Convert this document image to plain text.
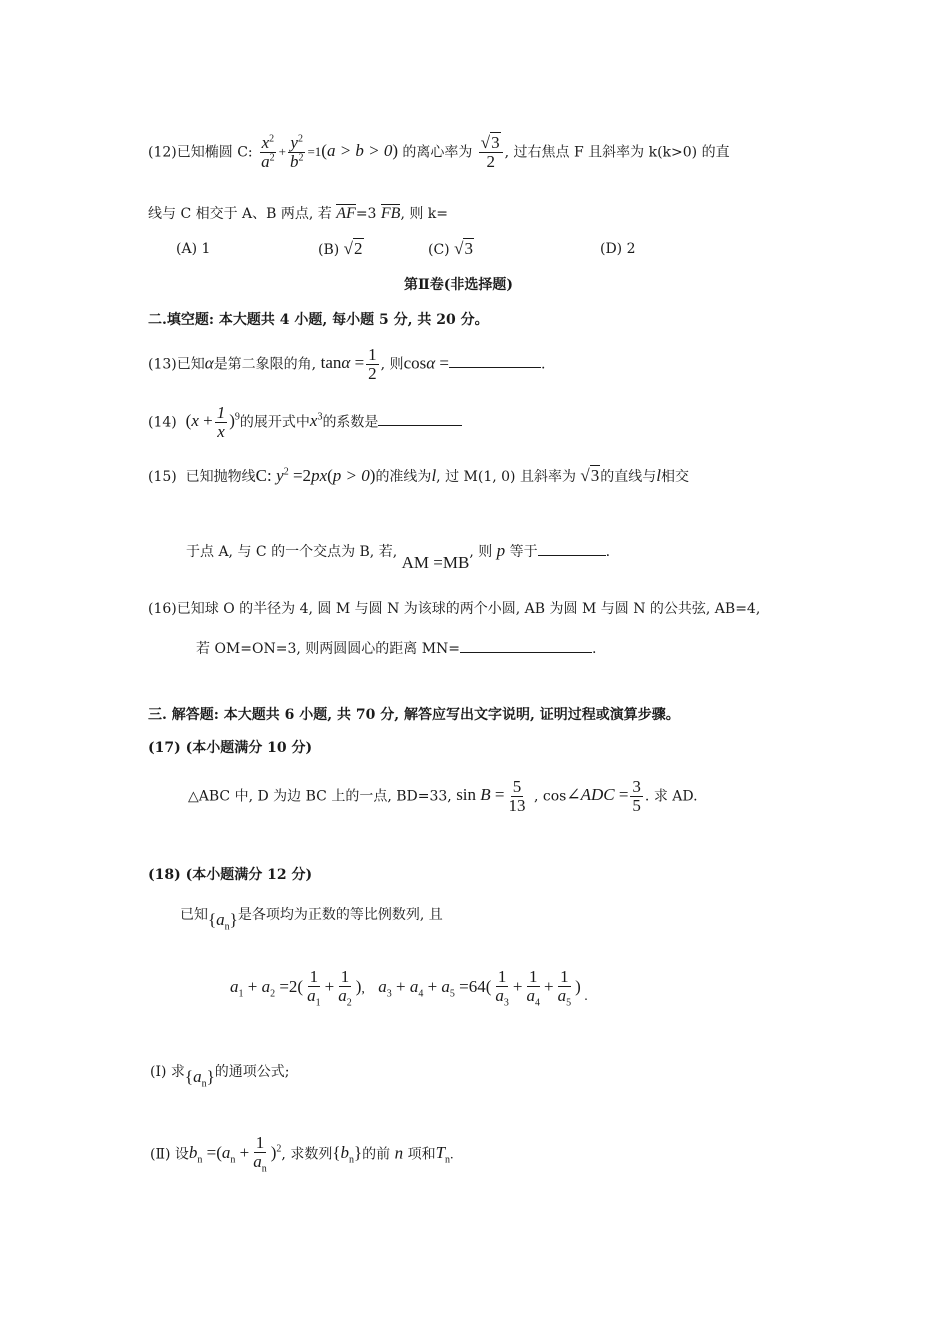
(12)已知椭圆 C: $\frac{x^2}{a^2} + \frac{y^2}{b^2} =1(a > b > 0)$ 的离心率为 $\frac{√3}{2}$ , 过右焦点 F 且斜率为 k(k>0) 的直
线与 C 相交于 A、B 两点, 若 AF=3 FB, 则 k=
(A) 1	(B) √2	(C) √3	(D) 2
第Ⅱ卷(非选择题)
二.填空题: 本大题共 4 小题, 每小题 5 分, 共 20 分。
(13)已知α是第二象限的角, $\tan\alpha = \frac{1}{2}$ , 则cosα =	.
(14) $(x + \frac{1}{x} )^9$的展开式中$x^3$的系数是
(15) 已知抛物线C: $y^2 =2px(p > 0)$的准线为l, 过 M(1, 0) 且斜率为 √3的直线与l相交
于点 A, 与 C 的一个交点为 B, 若, AM =MB, 则 p 等于	.
(16)已知球 O 的半径为 4, 圆 M 与圆 N 为该球的两个小圆, AB 为圆 M 与圆 N 的公共弦, AB=4,
若 OM=ON=3, 则两圆圆心的距离 MN=	.
三. 解答题: 本大题共 6 小题, 共 70 分, 解答应写出文字说明, 证明过程或演算步骤。
(17) (本小题满分 10 分)
△ABC 中, D 为边 BC 上的一点, BD=33, $\sin B = \frac{5}{13}$ , cos∠ADC = $\frac{3}{5}$ . 求 AD.
(18) (本小题满分 12 分)
已知$\{a_n\}$是各项均为正数的等比例数列, 且
$a_1 + a_2 =2( \frac{1}{a_1} + \frac{1}{a_2}$ ), $a_3 + a_4 + a_5 =64( \frac{1}{a_3} + \frac{1}{a_4} + \frac{1}{a_5}$ ) .
(Ⅰ) 求$\{a_n\}$的通项公式;
(Ⅱ) 设$b_n =(a_n + \frac{1}{a_n} )^2$, 求数列$\{b_n\}$的前 n 项和$T_n$.
